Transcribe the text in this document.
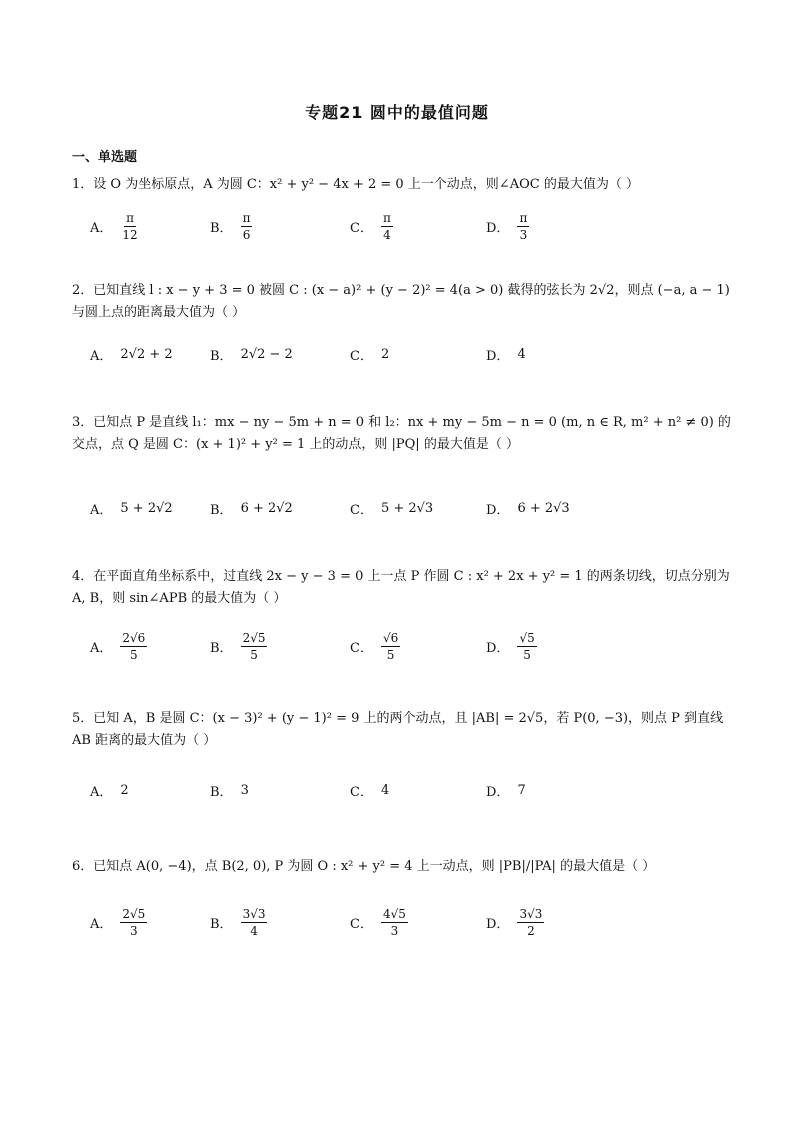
专题21 圆中的最值问题
一、单选题
1．设 O 为坐标原点，A 为圆 C：x² + y² − 4x + 2 = 0 上一个动点，则∠AOC 的最大值为（ ）
A． $\frac{\pi}{12}$	B． $\frac{\pi}{6}$	C． $\frac{\pi}{4}$	D． $\frac{\pi}{3}$
2．已知直线 l : x − y + 3 = 0 被圆 C : (x − a)² + (y − 2)² = 4(a > 0) 截得的弦长为 2√2，则点 (−a, a − 1) 与圆上点的距离最大值为（ ）
A． 2√2 + 2	B． 2√2 − 2	C． 2	D． 4
3．已知点 P 是直线 l₁：mx − ny − 5m + n = 0 和 l₂：nx + my − 5m − n = 0 (m, n ∈ R, m² + n² ≠ 0) 的交点，点 Q 是圆 C：(x + 1)² + y² = 1 上的动点，则 |PQ| 的最大值是（ ）
A． 5 + 2√2	B． 6 + 2√2	C． 5 + 2√3	D． 6 + 2√3
4．在平面直角坐标系中，过直线 2x − y − 3 = 0 上一点 P 作圆 C : x² + 2x + y² = 1 的两条切线，切点分别为 A, B，则 sin∠APB 的最大值为（ ）
A． $\frac{2√6}{5}$	B． $\frac{2√5}{5}$	C． $\frac{√6}{5}$	D． $\frac{√5}{5}$
5．已知 A，B 是圆 C：(x − 3)² + (y − 1)² = 9 上的两个动点，且 |AB| = 2√5，若 P(0, −3)，则点 P 到直线 AB 距离的最大值为（ ）
A． 2	B． 3	C． 4	D． 7
6．已知点 A(0, −4)，点 B(2, 0), P 为圆 O : x² + y² = 4 上一动点，则 |PB|/|PA| 的最大值是（ ）
A． $\frac{2√5}{3}$	B． $\frac{3√3}{4}$	C． $\frac{4√5}{3}$	D． $\frac{3√3}{2}$
